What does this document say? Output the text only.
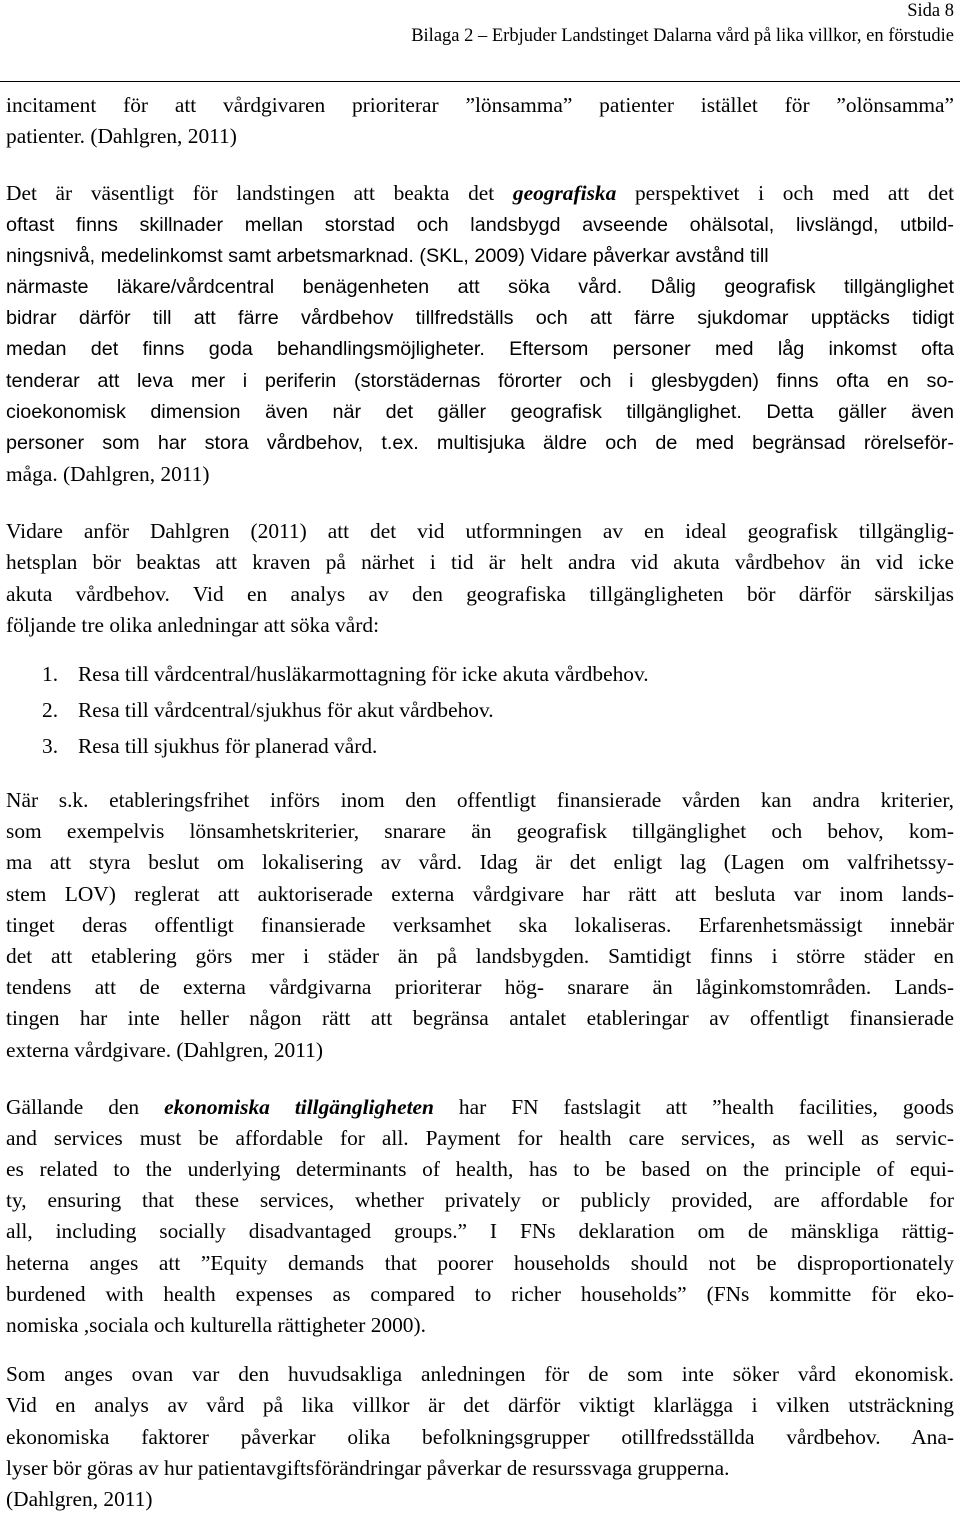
Sida 8
Bilaga 2 – Erbjuder Landstinget Dalarna vård på lika villkor, en förstudie
incitament för att vårdgivaren prioriterar ”lönsamma” patienter istället för ”olönsamma”
patienter. (Dahlgren, 2011)
Det är väsentligt för landstingen att beakta det geografiska perspektivet i och med att det
oftast finns skillnader mellan storstad och landsbygd avseende ohälsotal, livslängd, utbild-
ningsnivå, medelinkomst samt arbetsmarknad. (SKL, 2009) Vidare påverkar avstånd till
närmaste läkare/vårdcentral benägenheten att söka vård. Dålig geografisk tillgänglighet
bidrar därför till att färre vårdbehov tillfredställs och att färre sjukdomar upptäcks tidigt
medan det finns goda behandlingsmöjligheter. Eftersom personer med låg inkomst ofta
tenderar att leva mer i periferin (storstädernas förorter och i glesbygden) finns ofta en so-
cioekonomisk dimension även när det gäller geografisk tillgänglighet. Detta gäller även
personer som har stora vårdbehov, t.ex. multisjuka äldre och de med begränsad rörelseför-
måga. (Dahlgren, 2011)
Vidare anför Dahlgren (2011) att det vid utformningen av en ideal geografisk tillgänglig-
hetsplan bör beaktas att kraven på närhet i tid är helt andra vid akuta vårdbehov än vid icke
akuta vårdbehov. Vid en analys av den geografiska tillgängligheten bör därför särskiljas
följande tre olika anledningar att söka vård:
1. Resa till vårdcentral/husläkarmottagning för icke akuta vårdbehov.
2. Resa till vårdcentral/sjukhus för akut vårdbehov.
3. Resa till sjukhus för planerad vård.
När s.k. etableringsfrihet införs inom den offentligt finansierade vården kan andra kriterier,
som exempelvis lönsamhetskriterier, snarare än geografisk tillgänglighet och behov, kom-
ma att styra beslut om lokalisering av vård. Idag är det enligt lag (Lagen om valfrihetssy-
stem LOV) reglerat att auktoriserade externa vårdgivare har rätt att besluta var inom lands-
tinget deras offentligt finansierade verksamhet ska lokaliseras. Erfarenhetsmässigt innebär
det att etablering görs mer i städer än på landsbygden. Samtidigt finns i större städer en
tendens att de externa vårdgivarna prioriterar hög- snarare än låginkomstområden. Lands-
tingen har inte heller någon rätt att begränsa antalet etableringar av offentligt finansierade
externa vårdgivare. (Dahlgren, 2011)
Gällande den ekonomiska tillgängligheten har FN fastslagit att ”health facilities, goods
and services must be affordable for all. Payment for health care services, as well as servic-
es related to the underlying determinants of health, has to be based on the principle of equi-
ty, ensuring that these services, whether privately or publicly provided, are affordable for
all, including socially disadvantaged groups.” I FNs deklaration om de mänskliga rättig-
heterna anges att ”Equity demands that poorer households should not be disproportionately
burdened with health expenses as compared to richer households” (FNs kommitte för eko-
nomiska ,sociala och kulturella rättigheter 2000).
Som anges ovan var den huvudsakliga anledningen för de som inte söker vård ekonomisk.
Vid en analys av vård på lika villkor är det därför viktigt klarlägga i vilken utsträckning
ekonomiska faktorer påverkar olika befolkningsgrupper otillfredsställda vårdbehov. Ana-
lyser bör göras av hur patientavgiftsförändringar påverkar de resurssvaga grupperna.
(Dahlgren, 2011)
